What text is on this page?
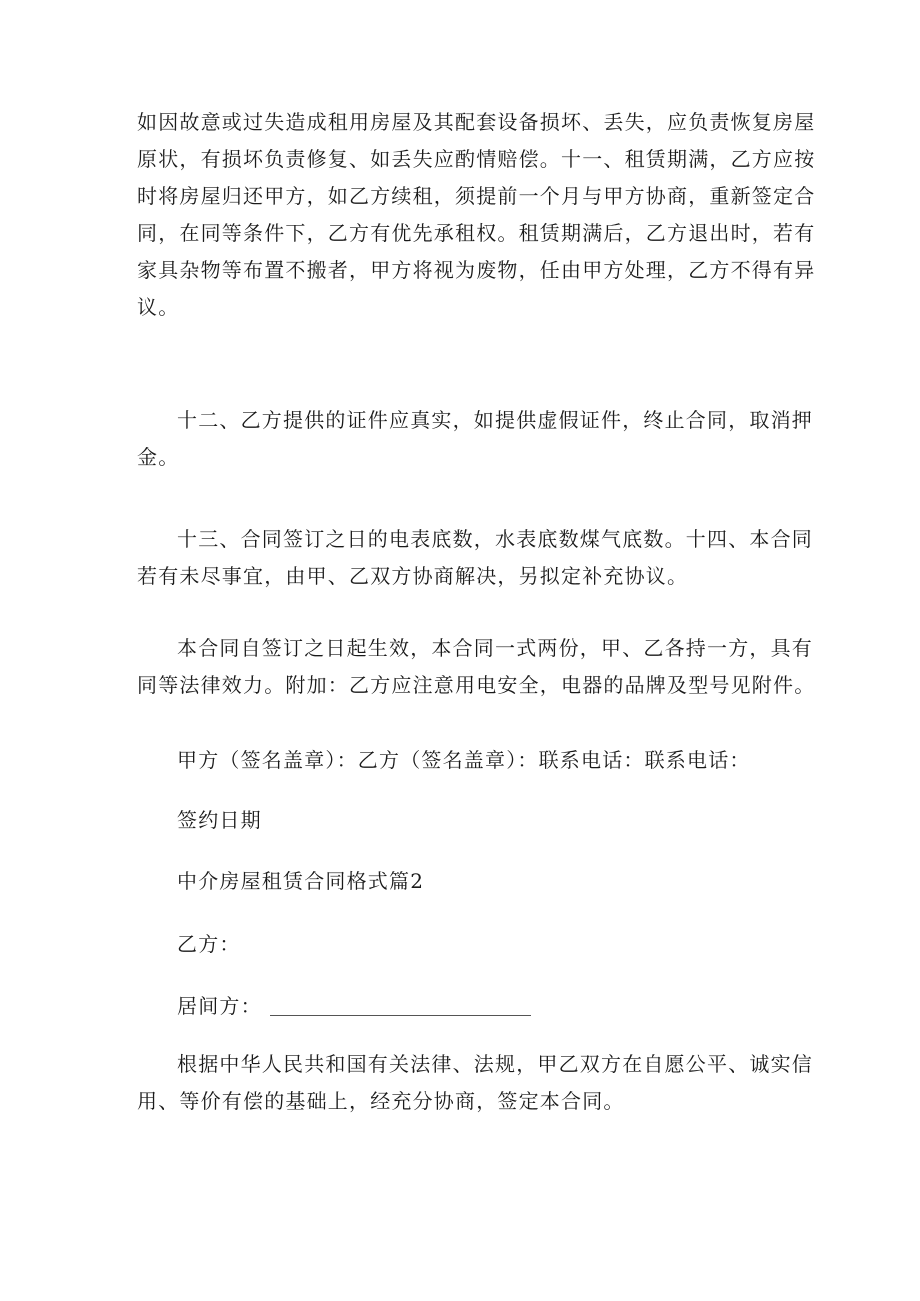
如因故意或过失造成租用房屋及其配套设备损坏、丢失，应负责恢复房屋
原状，有损坏负责修复、如丢失应酌情赔偿。十一、租赁期满，乙方应按
时将房屋归还甲方，如乙方续租，须提前一个月与甲方协商，重新签定合
同，在同等条件下，乙方有优先承租权。租赁期满后，乙方退出时，若有
家具杂物等布置不搬者，甲方将视为废物，任由甲方处理，乙方不得有异
议。
十二、乙方提供的证件应真实，如提供虚假证件，终止合同，取消押
金。
十三、合同签订之日的电表底数，水表底数煤气底数。十四、本合同
若有未尽事宜，由甲、乙双方协商解决，另拟定补充协议。
本合同自签订之日起生效，本合同一式两份，甲、乙各持一方，具有
同等法律效力。附加：乙方应注意用电安全，电器的品牌及型号见附件。

甲方（签名盖章）：乙方（签名盖章）：联系电话：联系电话：

签约日期

中介房屋租赁合同格式篇2

乙方：

居间方：

根据中华人民共和国有关法律、法规，甲乙双方在自愿公平、诚实信
用、等价有偿的基础上，经充分协商，签定本合同。
